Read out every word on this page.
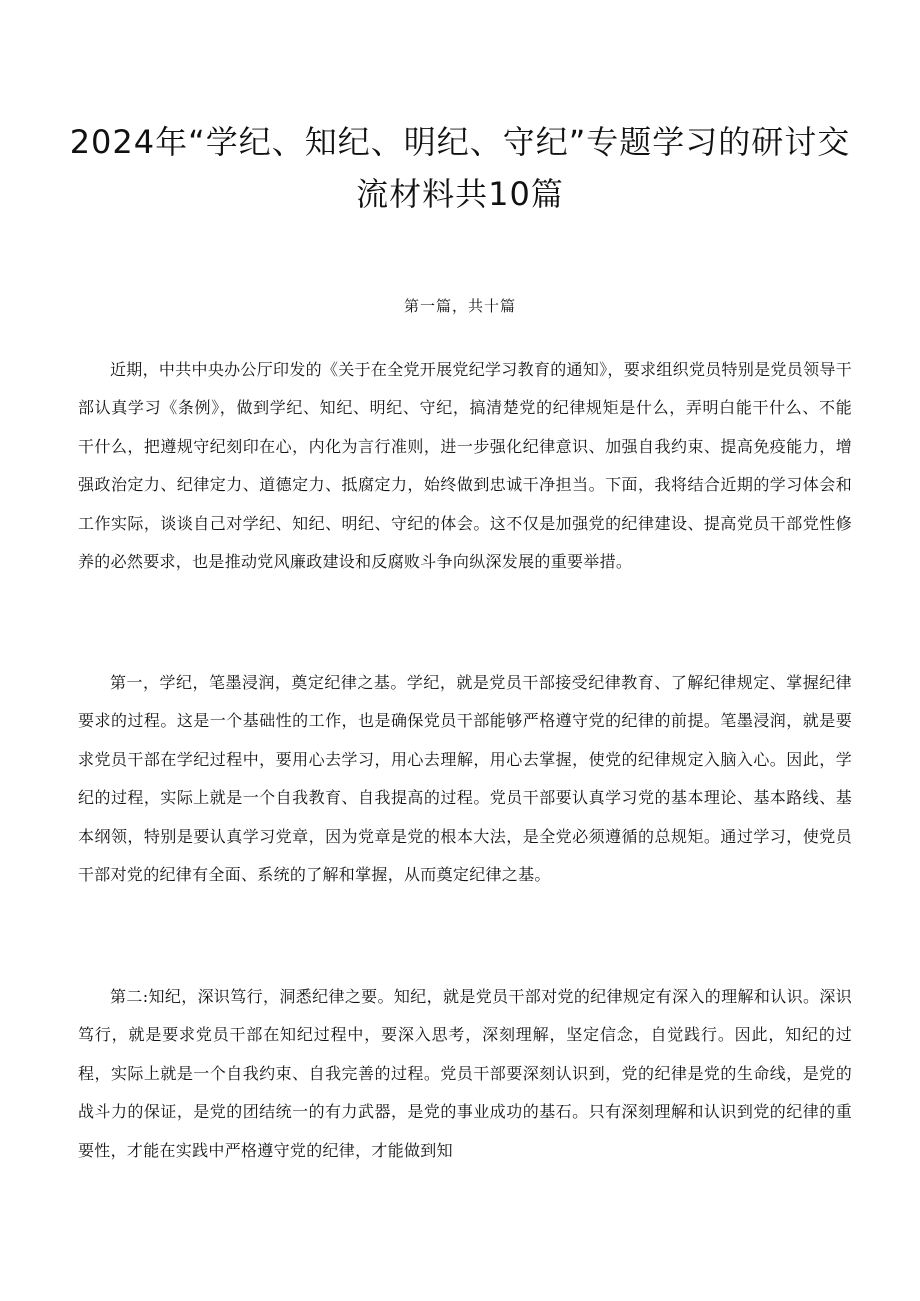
2024年“学纪、知纪、明纪、守纪”专题学习的研讨交流材料共10篇
第一篇，共十篇

近期，中共中央办公厅印发的《关于在全党开展党纪学习教育的通知》，要求组织党员特别是党员领导干部认真学习《条例》，做到学纪、知纪、明纪、守纪，搞清楚党的纪律规矩是什么，弄明白能干什么、不能干什么，把遵规守纪刻印在心，内化为言行准则，进一步强化纪律意识、加强自我约束、提高免疫能力，增强政治定力、纪律定力、道德定力、抵腐定力，始终做到忠诚干净担当。下面，我将结合近期的学习体会和工作实际，谈谈自己对学纪、知纪、明纪、守纪的体会。这不仅是加强党的纪律建设、提高党员干部党性修养的必然要求，也是推动党风廉政建设和反腐败斗争向纵深发展的重要举措。

第一，学纪，笔墨浸润，奠定纪律之基。学纪，就是党员干部接受纪律教育、了解纪律规定、掌握纪律要求的过程。这是一个基础性的工作，也是确保党员干部能够严格遵守党的纪律的前提。笔墨浸润，就是要求党员干部在学纪过程中，要用心去学习，用心去理解，用心去掌握，使党的纪律规定入脑入心。因此，学纪的过程，实际上就是一个自我教育、自我提高的过程。党员干部要认真学习党的基本理论、基本路线、基本纲领，特别是要认真学习党章，因为党章是党的根本大法，是全党必须遵循的总规矩。通过学习，使党员干部对党的纪律有全面、系统的了解和掌握，从而奠定纪律之基。

第二:知纪，深识笃行，洞悉纪律之要。知纪，就是党员干部对党的纪律规定有深入的理解和认识。深识笃行，就是要求党员干部在知纪过程中，要深入思考，深刻理解，坚定信念，自觉践行。因此，知纪的过程，实际上就是一个自我约束、自我完善的过程。党员干部要深刻认识到，党的纪律是党的生命线，是党的战斗力的保证，是党的团结统一的有力武器，是党的事业成功的基石。只有深刻理解和认识到党的纪律的重要性，才能在实践中严格遵守党的纪律，才能做到知
